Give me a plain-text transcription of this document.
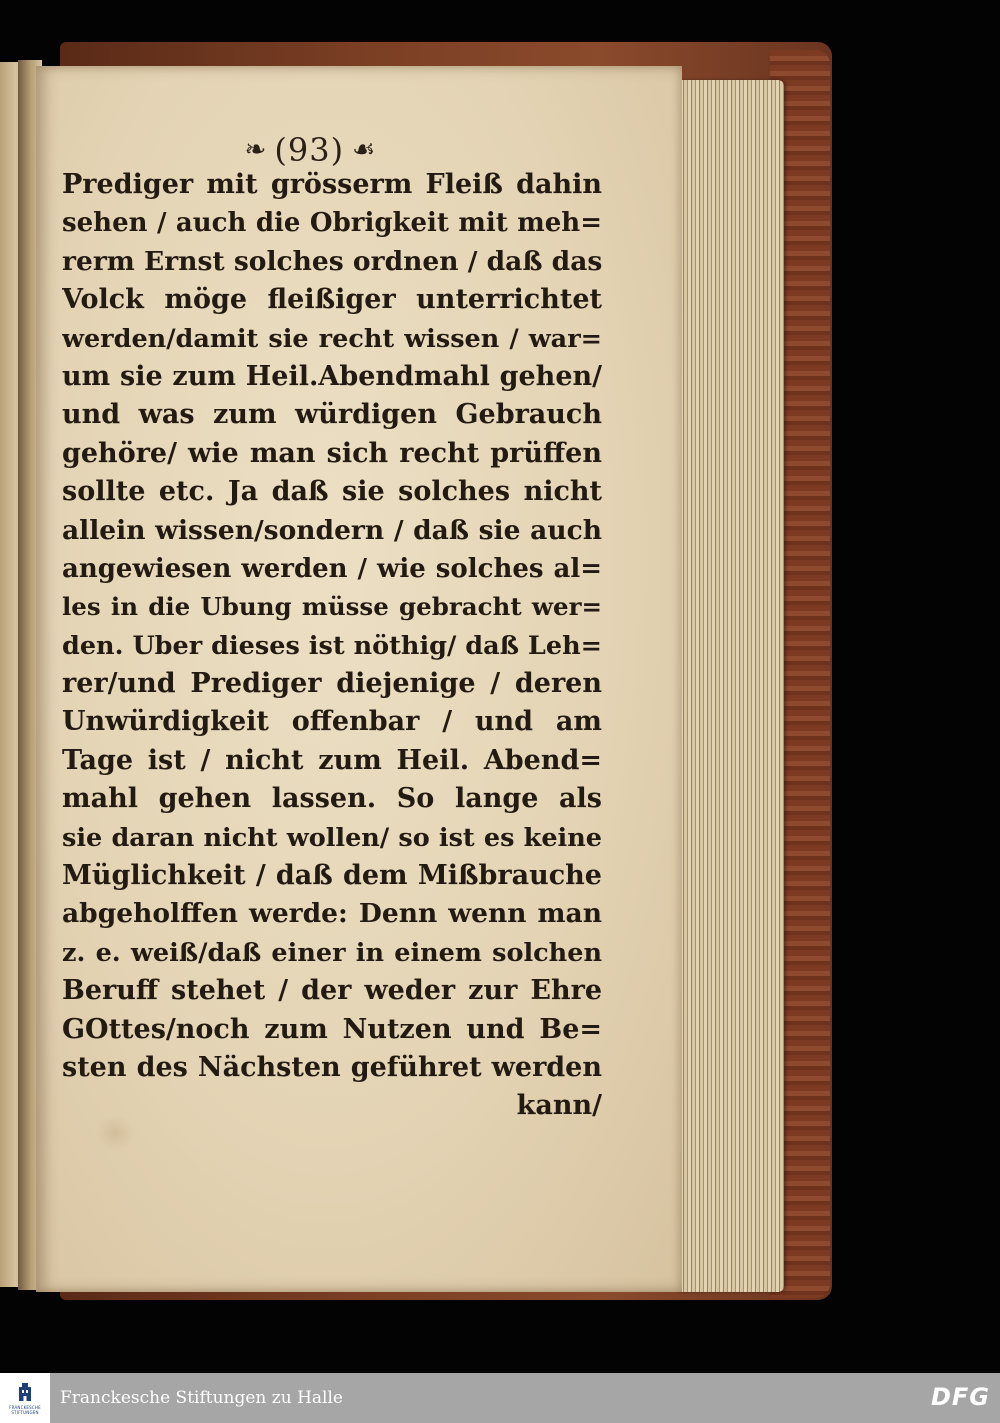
❧ (93) ☙
Prediger mit grösserm Fleiß dahin
sehen / auch die Obrigkeit mit meh=
rerm Ernst solches ordnen / daß das
Volck möge fleißiger unterrichtet
werden/damit sie recht wissen / war=
um sie zum Heil.Abendmahl gehen/
und was zum würdigen Gebrauch
gehöre/ wie man sich recht prüffen
sollte etc. Ja daß sie solches nicht
allein wissen/sondern / daß sie auch
angewiesen werden / wie solches al=
les in die Ubung müsse gebracht wer=
den. Uber dieses ist nöthig/ daß Leh=
rer/und Prediger diejenige / deren
Unwürdigkeit offenbar / und am
Tage ist / nicht zum Heil. Abend=
mahl gehen lassen. So lange als
sie daran nicht wollen/ so ist es keine
Müglichkeit / daß dem Mißbrauche
abgeholffen werde: Denn wenn man
z. e. weiß/daß einer in einem solchen
Beruff stehet / der weder zur Ehre
GOttes/noch zum Nutzen und Be=
sten des Nächsten geführet werden
kann/
FRANCKESCHE STIFTUNGEN
Franckesche Stiftungen zu Halle	DFG
